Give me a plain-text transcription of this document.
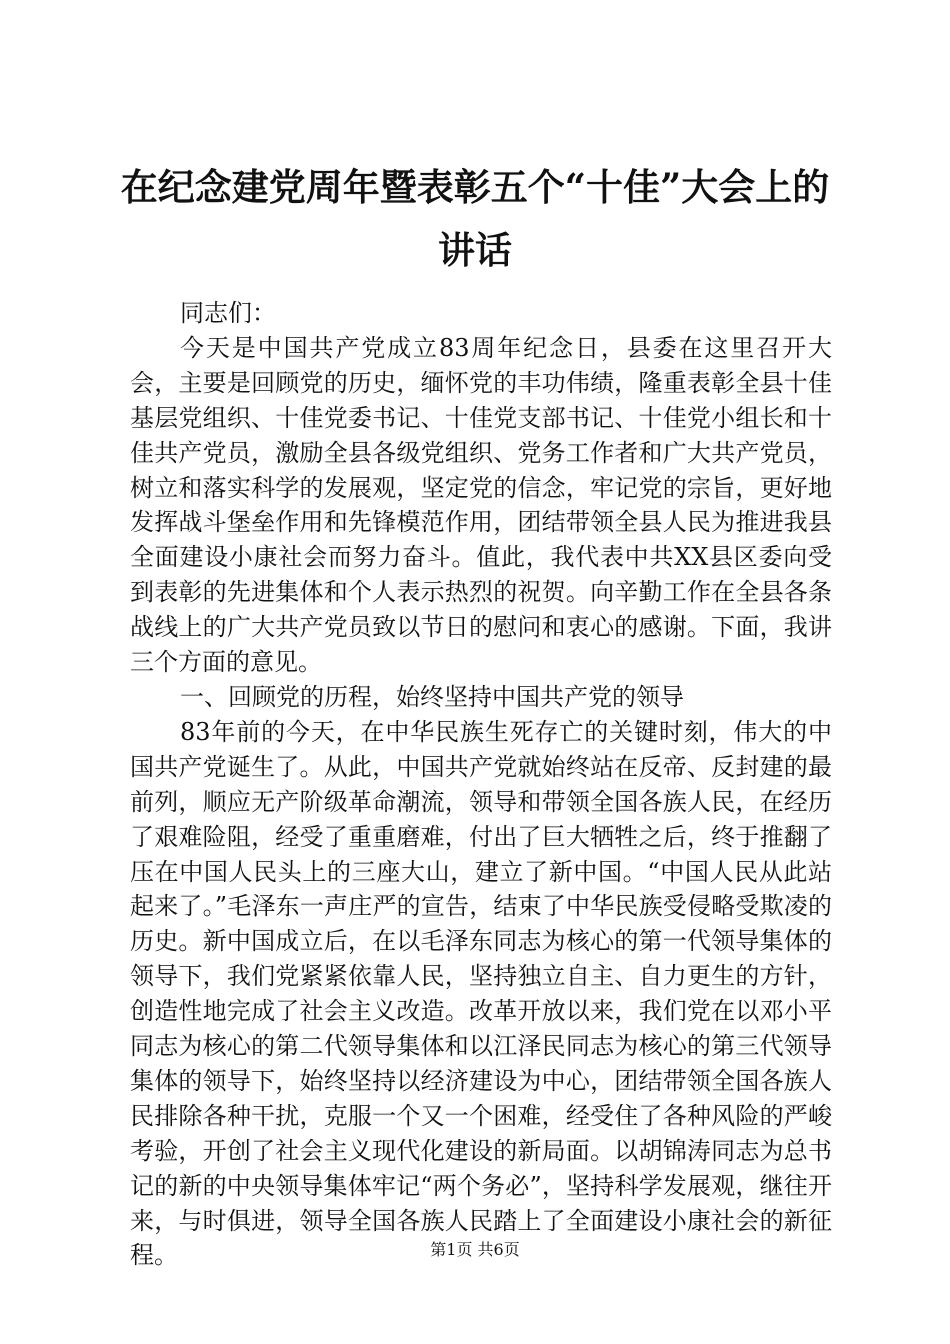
在纪念建党周年暨表彰五个“十佳”大会上的讲话

同志们：

今天是中国共产党成立83周年纪念日，县委在这里召开大会，主要是回顾党的历史，缅怀党的丰功伟绩，隆重表彰全县十佳基层党组织、十佳党委书记、十佳党支部书记、十佳党小组长和十佳共产党员，激励全县各级党组织、党务工作者和广大共产党员，树立和落实科学的发展观，坚定党的信念，牢记党的宗旨，更好地发挥战斗堡垒作用和先锋模范作用，团结带领全县人民为推进我县全面建设小康社会而努力奋斗。值此，我代表中共XX县区委向受到表彰的先进集体和个人表示热烈的祝贺。向辛勤工作在全县各条战线上的广大共产党员致以节日的慰问和衷心的感谢。下面，我讲三个方面的意见。

一、回顾党的历程，始终坚持中国共产党的领导

83年前的今天，在中华民族生死存亡的关键时刻，伟大的中国共产党诞生了。从此，中国共产党就始终站在反帝、反封建的最前列，顺应无产阶级革命潮流，领导和带领全国各族人民，在经历了艰难险阻，经受了重重磨难，付出了巨大牺牲之后，终于推翻了压在中国人民头上的三座大山，建立了新中国。“中国人民从此站起来了。”毛泽东一声庄严的宣告，结束了中华民族受侵略受欺凌的历史。新中国成立后，在以毛泽东同志为核心的第一代领导集体的领导下，我们党紧紧依靠人民，坚持独立自主、自力更生的方针，创造性地完成了社会主义改造。改革开放以来，我们党在以邓小平同志为核心的第二代领导集体和以江泽民同志为核心的第三代领导集体的领导下，始终坚持以经济建设为中心，团结带领全国各族人民排除各种干扰，克服一个又一个困难，经受住了各种风险的严峻考验，开创了社会主义现代化建设的新局面。以胡锦涛同志为总书记的新的中央领导集体牢记“两个务必”，坚持科学发展观，继往开来，与时俱进，领导全国各族人民踏上了全面建设小康社会的新征程。	第1页 共6页
